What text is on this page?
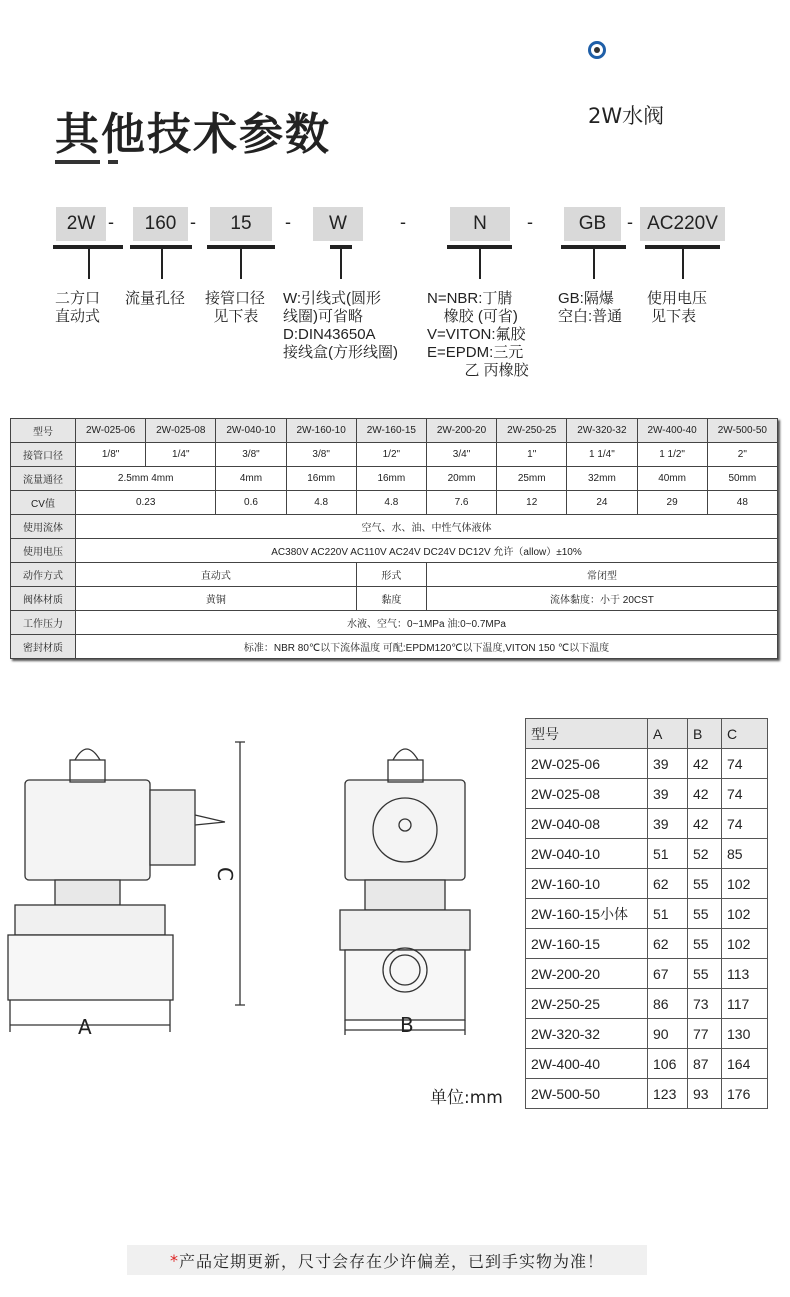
其他技术参数	2W水阀
2W	160	15	W	N	GB	AC220V
-	-	-	-	-	-
二方口
直动式
流量孔径 接管口径
见下表
W:引线式(圆形
线圈)可省略
D:DIN43650A
接线盒(方形线圈)
N=NBR:丁腈
橡胶 (可省)
V=VITON:氟胶
E=EPDM:三元
乙 丙橡胶
GB:隔爆
空白:普通
使用电压
见下表
型号	2W-025-06	2W-025-08	2W-040-10	2W-160-10	2W-160-15	2W-200-20	2W-250-25	2W-320-32	2W-400-40	2W-500-50
接管口径	1/8"	1/4"	3/8"	3/8"	1/2"	3/4"	1"	1 1/4"	1 1/2"	2"
流量通径	2.5mm 4mm		4mm	16mm	16mm	20mm	25mm	32mm	40mm	50mm
CV值	0.23		0.6	4.8	4.8	7.6	12	24	29	48
使用流体	空气、水、油、中性气体液体									
使用电压	AC380V AC220V AC110V AC24V DC24V DC12V 允许（allow）±10%									
动作方式	直动式				形式	常闭型				
阀体材质	黄铜				黏度	流体黏度：小于 20CST				
工作压力	水液、空气：0~1MPa 油:0~0.7MPa									
密封材质	标准：NBR 80℃以下流体温度 可配:EPDM120℃以下温度,VITON 150 ℃以下温度									
A	B
C
单位:mm
型号	A	B	C
2W-025-06	39	42	74
2W-025-08	39	42	74
2W-040-08	39	42	74
2W-040-10	51	52	85
2W-160-10	62	55	102
2W-160-15小体	51	55	102
2W-160-15	62	55	102
2W-200-20	67	55	113
2W-250-25	86	73	117
2W-320-32	90	77	130
2W-400-40	106	87	164
2W-500-50	123	93	176
* 产品定期更新，尺寸会存在少许偏差，已到手实物为准！
